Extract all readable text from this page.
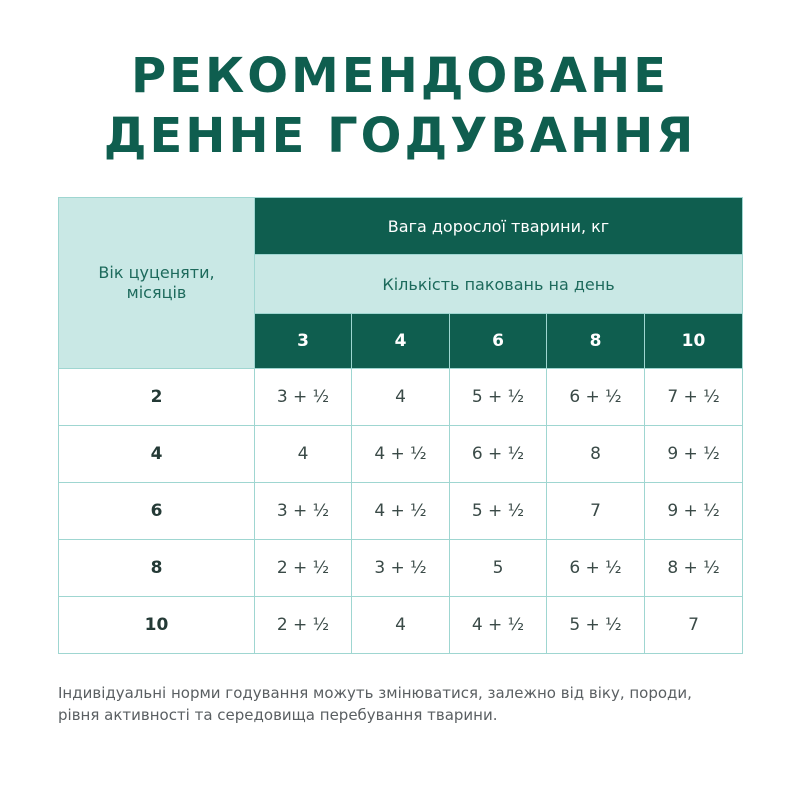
РЕКОМЕНДОВАНЕ
ДЕННЕ ГОДУВАННЯ
Вік цуценяти,
місяців	Вага дорослої тварини, кг				
	Кількість паковань на день				
	3	4	6	8	10
2	3 + ½	4	5 + ½	6 + ½	7 + ½
4	4	4 + ½	6 + ½	8	9 + ½
6	3 + ½	4 + ½	5 + ½	7	9 + ½
8	2 + ½	3 + ½	5	6 + ½	8 + ½
10	2 + ½	4	4 + ½	5 + ½	7
Індивідуальні норми годування можуть змінюватися, залежно від віку, породи,
рівня активності та середовища перебування тварини.
